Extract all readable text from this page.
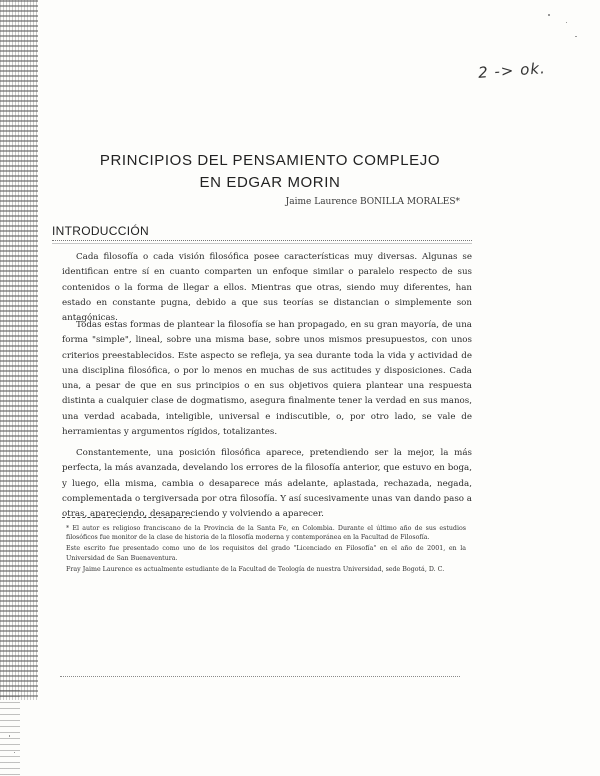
2 -> ok.
PRINCIPIOS DEL PENSAMIENTO COMPLEJO
EN EDGAR MORIN
Jaime Laurence BONILLA MORALES*
INTRODUCCIÓN
Cada filosofía o cada visión filosófica posee características muy diversas. Algunas se identifican entre sí en cuanto comparten un enfoque similar o paralelo respecto de sus contenidos o la forma de llegar a ellos. Mientras que otras, siendo muy diferentes, han estado en constante pugna, debido a que sus teorías se distancian o simplemente son antagónicas.
Todas estas formas de plantear la filosofía se han propagado, en su gran mayoría, de una forma "simple", lineal, sobre una misma base, sobre unos mismos presupuestos, con unos criterios preestablecidos. Este aspecto se refleja, ya sea durante toda la vida y actividad de una disciplina filosófica, o por lo menos en muchas de sus actitudes y disposiciones. Cada una, a pesar de que en sus principios o en sus objetivos quiera plantear una respuesta distinta a cualquier clase de dogmatismo, asegura finalmente tener la verdad en sus manos, una verdad acabada, inteligible, universal e indiscutible, o, por otro lado, se vale de herramientas y argumentos rígidos, totalizantes.
Constantemente, una posición filosófica aparece, pretendiendo ser la mejor, la más perfecta, la más avanzada, develando los errores de la filosofía anterior, que estuvo en boga, y luego, ella misma, cambia o desaparece más adelante, aplastada, rechazada, negada, complementada o tergiversada por otra filosofía. Y así sucesivamente unas van dando paso a otras, apareciendo, desapareciendo y volviendo a aparecer.

* El autor es religioso franciscano de la Provincia de la Santa Fe, en Colombia. Durante el último año de sus estudios filosóficos fue monitor de la clase de historia de la filosofía moderna y contemporánea en la Facultad de Filosofía.

Este escrito fue presentado como uno de los requisitos del grado "Licenciado en Filosofía" en el año de 2001, en la Universidad de San Buenaventura.

Fray Jaime Laurence es actualmente estudiante de la Facultad de Teología de nuestra Universidad, sede Bogotá, D. C.
